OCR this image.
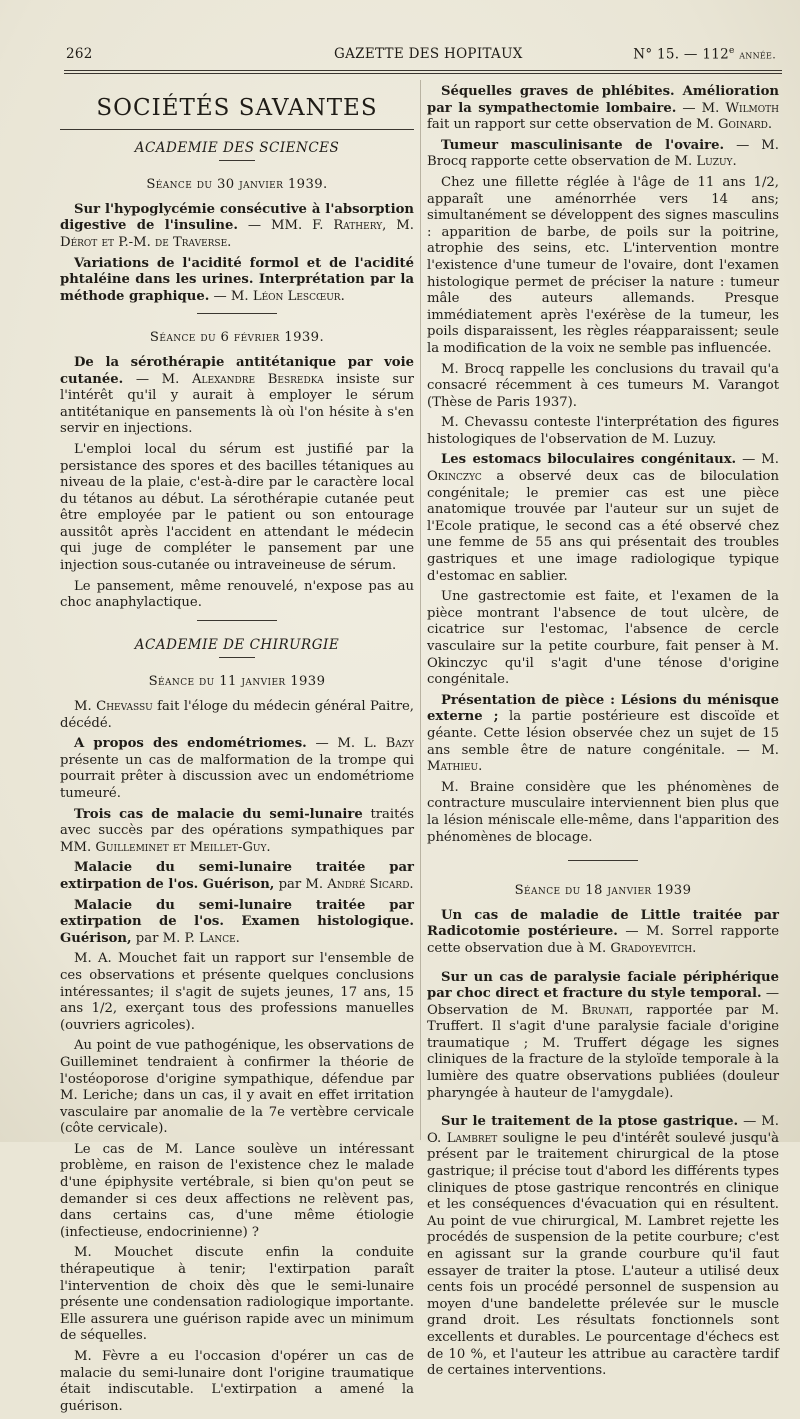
262	GAZETTE DES HOPITAUX	N° 15. — 112e année.
SOCIÉTÉS SAVANTES
ACADEMIE DES SCIENCES
Séance du 30 janvier 1939.

Sur l'hypoglycémie consécutive à l'absorption digestive de l'insuline. — MM. F. Rathery, M. Dérot et P.-M. de Traverse.

Variations de l'acidité formol et de l'acidité phtaléine dans les urines. Interprétation par la méthode graphique. — M. Léon Lescœur.

Séance du 6 février 1939.

De la sérothérapie antitétanique par voie cutanée. — M. Alexandre Besredka insiste sur l'intérêt qu'il y aurait à employer le sérum antitétanique en pansements là où l'on hésite à s'en servir en injections.

L'emploi local du sérum est justifié par la persistance des spores et des bacilles tétaniques au niveau de la plaie, c'est-à-dire par le caractère local du tétanos au début. La sérothérapie cutanée peut être employée par le patient ou son entourage aussitôt après l'accident en attendant le médecin qui juge de compléter le pansement par une injection sous-cutanée ou intraveineuse de sérum.

Le pansement, même renouvelé, n'expose pas au choc anaphylactique.

ACADEMIE DE CHIRURGIE
Séance du 11 janvier 1939

M. Chevassu fait l'éloge du médecin général Paitre, décédé.

A propos des endométriomes. — M. L. Bazy présente un cas de malformation de la trompe qui pourrait prêter à discussion avec un endométriome tumeuré.

Trois cas de malacie du semi-lunaire traités avec succès par des opérations sympathiques par MM. Guilleminet et Meillet-Guy.

Malacie du semi-lunaire traitée par extirpation de l'os. Guérison, par M. André Sicard.

Malacie du semi-lunaire traitée par extirpation de l'os. Examen histologique. Guérison, par M. P. Lance.

M. A. Mouchet fait un rapport sur l'ensemble de ces observations et présente quelques conclusions intéressantes; il s'agit de sujets jeunes, 17 ans, 15 ans 1/2, exerçant tous des professions manuelles (ouvriers agricoles).

Au point de vue pathogénique, les observations de Guilleminet tendraient à confirmer la théorie de l'ostéoporose d'origine sympathique, défendue par M. Leriche; dans un cas, il y avait en effet irritation vasculaire par anomalie de la 7e vertèbre cervicale (côte cervicale).

Le cas de M. Lance soulève un intéressant problème, en raison de l'existence chez le malade d'une épiphysite vertébrale, si bien qu'on peut se demander si ces deux affections ne relèvent pas, dans certains cas, d'une même étiologie (infectieuse, endocrinienne) ?

M. Mouchet discute enfin la conduite thérapeutique à tenir; l'extirpation paraît l'intervention de choix dès que le semi-lunaire présente une condensation radiologique importante. Elle assurera une guérison rapide avec un minimum de séquelles.

M. Fèvre a eu l'occasion d'opérer un cas de malacie du semi-lunaire dont l'origine traumatique était indiscutable. L'extirpation a amené la guérison.

Séquelles graves de phlébites. Amélioration par la sympathectomie lombaire. — M. Wilmoth fait un rapport sur cette observation de M. Goinard.

Tumeur masculinisante de l'ovaire. — M. Brocq rapporte cette observation de M. Luzuy.

Chez une fillette réglée à l'âge de 11 ans 1/2, apparaît une aménorrhée vers 14 ans; simultanément se développent des signes masculins : apparition de barbe, de poils sur la poitrine, atrophie des seins, etc. L'intervention montre l'existence d'une tumeur de l'ovaire, dont l'examen histologique permet de préciser la nature : tumeur mâle des auteurs allemands. Presque immédiatement après l'exérèse de la tumeur, les poils disparaissent, les règles réapparaissent; seule la modification de la voix ne semble pas influencée.

M. Brocq rappelle les conclusions du travail qu'a consacré récemment à ces tumeurs M. Varangot (Thèse de Paris 1937).

M. Chevassu conteste l'interprétation des figures histologiques de l'observation de M. Luzuy.

Les estomacs biloculaires congénitaux. — M. Okinczyc a observé deux cas de biloculation congénitale; le premier cas est une pièce anatomique trouvée par l'auteur sur un sujet de l'Ecole pratique, le second cas a été observé chez une femme de 55 ans qui présentait des troubles gastriques et une image radiologique typique d'estomac en sablier.

Une gastrectomie est faite, et l'examen de la pièce montrant l'absence de tout ulcère, de cicatrice sur l'estomac, l'absence de cercle vasculaire sur la petite courbure, fait penser à M. Okinczyc qu'il s'agit d'une ténose d'origine congénitale.

Présentation de pièce : Lésions du ménisque externe ; la partie postérieure est discoïde et géante. Cette lésion observée chez un sujet de 15 ans semble être de nature congénitale. — M. Mathieu.

M. Braine considère que les phénomènes de contracture musculaire interviennent bien plus que la lésion méniscale elle-même, dans l'apparition des phénomènes de blocage.

Séance du 18 janvier 1939

Un cas de maladie de Little traitée par Radicotomie postérieure. — M. Sorrel rapporte cette observation due à M. Gradoyevitch.

Sur un cas de paralysie faciale périphérique par choc direct et fracture du style temporal. — Observation de M. Brunati, rapportée par M. Truffert. Il s'agit d'une paralysie faciale d'origine traumatique ; M. Truffert dégage les signes cliniques de la fracture de la styloïde temporale à la lumière des quatre observations publiées (douleur pharyngée à hauteur de l'amygdale).

Sur le traitement de la ptose gastrique. — M. O. Lambret souligne le peu d'intérêt soulevé jusqu'à présent par le traitement chirurgical de la ptose gastrique; il précise tout d'abord les différents types cliniques de ptose gastrique rencontrés en clinique et les conséquences d'évacuation qui en résultent. Au point de vue chirurgical, M. Lambret rejette les procédés de suspension de la petite courbure; c'est en agissant sur la grande courbure qu'il faut essayer de traiter la ptose. L'auteur a utilisé deux cents fois un procédé personnel de suspension au moyen d'une bandelette prélevée sur le muscle grand droit. Les résultats fonctionnels sont excellents et durables. Le pourcentage d'échecs est de 10 %, et l'auteur les attribue au caractère tardif de certaines interventions.
